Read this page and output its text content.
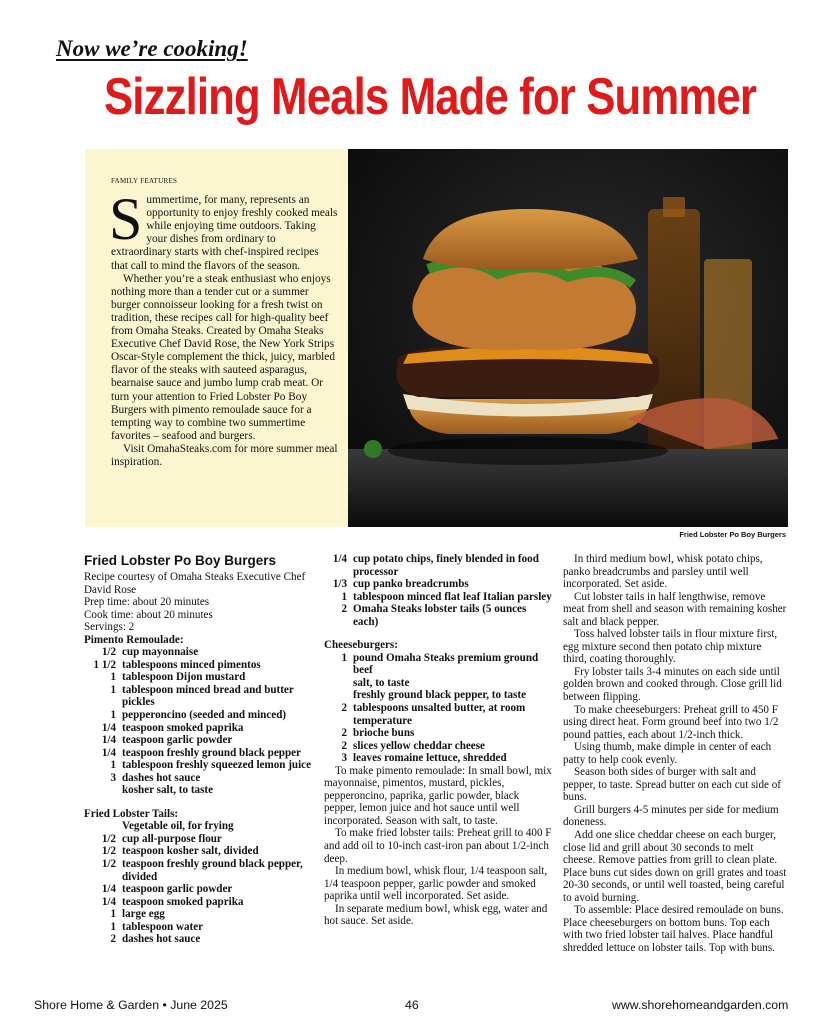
Now we’re cooking!
Sizzling Meals Made for Summer
FAMILY FEATURES

Summertime, for many, represents an opportunity to enjoy freshly cooked meals while enjoying time outdoors. Taking your dishes from ordinary to extraordinary starts with chef-inspired recipes that call to mind the flavors of the season.

Whether you’re a steak enthusiast who enjoys nothing more than a tender cut or a summer burger connoisseur looking for a fresh twist on tradition, these recipes call for high-quality beef from Omaha Steaks. Created by Omaha Steaks Executive Chef David Rose, the New York Strips Oscar-Style complement the thick, juicy, marbled flavor of the steaks with sauteed asparagus, bearnaise sauce and jumbo lump crab meat. Or turn your attention to Fried Lobster Po Boy Burgers with pimento remoulade sauce for a tempting way to combine two summertime favorites – seafood and burgers.

Visit OmahaSteaks.com for more summer meal inspiration.

Fried Lobster Po Boy Burgers
Fried Lobster Po Boy Burgers
Recipe courtesy of Omaha Steaks Executive Chef David Rose
Prep time: about 20 minutes
Cook time: about 20 minutes
Servings: 2
Pimento Remoulade:
1/2 cup mayonnaise
1 1/2 tablespoons minced pimentos
1 tablespoon Dijon mustard
1 tablespoon minced bread and butter pickles
1 pepperoncino (seeded and minced)
1/4 teaspoon smoked paprika
1/4 teaspoon garlic powder
1/4 teaspoon freshly ground black pepper
1 tablespoon freshly squeezed lemon juice
3 dashes hot sauce
kosher salt, to taste
Fried Lobster Tails:
Vegetable oil, for frying
1/2 cup all-purpose flour
1/2 teaspoon kosher salt, divided
1/2 teaspoon freshly ground black pepper, divided
1/4 teaspoon garlic powder
1/4 teaspoon smoked paprika
1 large egg
1 tablespoon water
2 dashes hot sauce
1/4 cup potato chips, finely blended in food processor
1/3 cup panko breadcrumbs
1 tablespoon minced flat leaf Italian parsley
2 Omaha Steaks lobster tails (5 ounces each)
Cheeseburgers:
1 pound Omaha Steaks premium ground beef
salt, to taste
freshly ground black pepper, to taste
2 tablespoons unsalted butter, at room temperature
2 brioche buns
2 slices yellow cheddar cheese
3 leaves romaine lettuce, shredded

To make pimento remoulade: In small bowl, mix mayonnaise, pimentos, mustard, pickles, pepperoncino, paprika, garlic powder, black pepper, lemon juice and hot sauce until well incorporated. Season with salt, to taste.

To make fried lobster tails: Preheat grill to 400 F and add oil to 10-inch cast-iron pan about 1/2-inch deep.

In medium bowl, whisk flour, 1/4 teaspoon salt, 1/4 teaspoon pepper, garlic powder and smoked paprika until well incorporated. Set aside.

In separate medium bowl, whisk egg, water and hot sauce. Set aside.

In third medium bowl, whisk potato chips, panko breadcrumbs and parsley until well incorporated. Set aside.

Cut lobster tails in half lengthwise, remove meat from shell and season with remaining kosher salt and black pepper.

Toss halved lobster tails in flour mixture first, egg mixture second then potato chip mixture third, coating thoroughly.

Fry lobster tails 3-4 minutes on each side until golden brown and cooked through. Close grill lid between flipping.

To make cheeseburgers: Preheat grill to 450 F using direct heat. Form ground beef into two 1/2 pound patties, each about 1/2-inch thick.

Using thumb, make dimple in center of each patty to help cook evenly.

Season both sides of burger with salt and pepper, to taste. Spread butter on each cut side of buns.

Grill burgers 4-5 minutes per side for medium doneness.

Add one slice cheddar cheese on each burger, close lid and grill about 30 seconds to melt cheese. Remove patties from grill to clean plate. Place buns cut sides down on grill grates and toast 20-30 seconds, or until well toasted, being careful to avoid burning.

To assemble: Place desired remoulade on buns. Place cheeseburgers on bottom buns. Top each with two fried lobster tail halves. Place handful shredded lettuce on lobster tails. Top with buns.

Shore Home & Garden • June 2025	46	www.shorehomeandgarden.com
